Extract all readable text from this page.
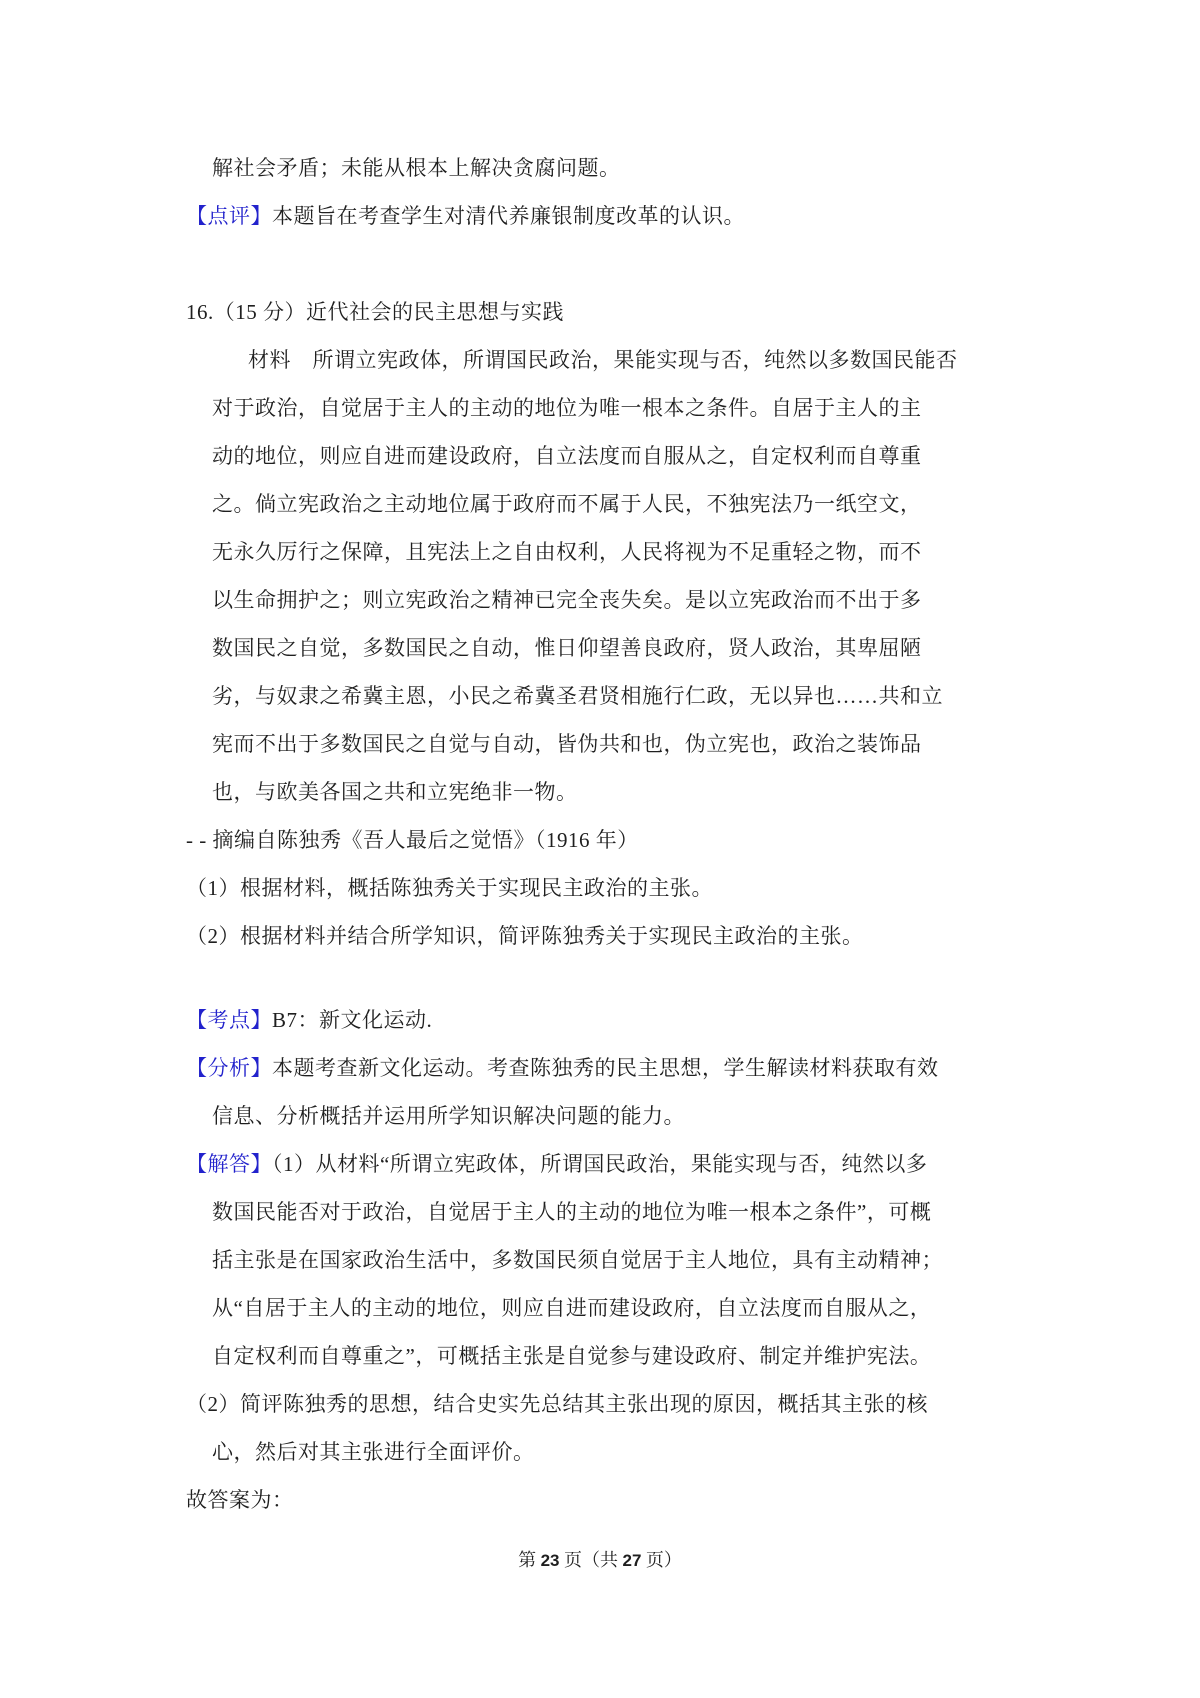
解社会矛盾；未能从根本上解决贪腐问题。
【点评】本题旨在考查学生对清代养廉银制度改革的认识。
16.（15 分）近代社会的民主思想与实践
材料　所谓立宪政体，所谓国民政治，果能实现与否，纯然以多数国民能否
对于政治，自觉居于主人的主动的地位为唯一根本之条件。自居于主人的主
动的地位，则应自进而建设政府，自立法度而自服从之，自定权利而自尊重
之。倘立宪政治之主动地位属于政府而不属于人民，不独宪法乃一纸空文，
无永久厉行之保障，且宪法上之自由权利，人民将视为不足重轻之物，而不
以生命拥护之；则立宪政治之精神已完全丧失矣。是以立宪政治而不出于多
数国民之自觉，多数国民之自动，惟日仰望善良政府，贤人政治，其卑屈陋
劣，与奴隶之希冀主恩，小民之希冀圣君贤相施行仁政，无以异也……共和立
宪而不出于多数国民之自觉与自动，皆伪共和也，伪立宪也，政治之装饰品
也，与欧美各国之共和立宪绝非一物。
- - 摘编自陈独秀《吾人最后之觉悟》（1916 年）
（1）根据材料，概括陈独秀关于实现民主政治的主张。
（2）根据材料并结合所学知识，简评陈独秀关于实现民主政治的主张。
【考点】B7：新文化运动.
【分析】本题考查新文化运动。考查陈独秀的民主思想，学生解读材料获取有效
信息、分析概括并运用所学知识解决问题的能力。
【解答】（1）从材料“所谓立宪政体，所谓国民政治，果能实现与否，纯然以多
数国民能否对于政治，自觉居于主人的主动的地位为唯一根本之条件”，可概
括主张是在国家政治生活中，多数国民须自觉居于主人地位，具有主动精神；
从“自居于主人的主动的地位，则应自进而建设政府，自立法度而自服从之，
自定权利而自尊重之”，可概括主张是自觉参与建设政府、制定并维护宪法。
（2）简评陈独秀的思想，结合史实先总结其主张出现的原因，概括其主张的核
心，然后对其主张进行全面评价。
故答案为：
第 23 页（共 27 页）
